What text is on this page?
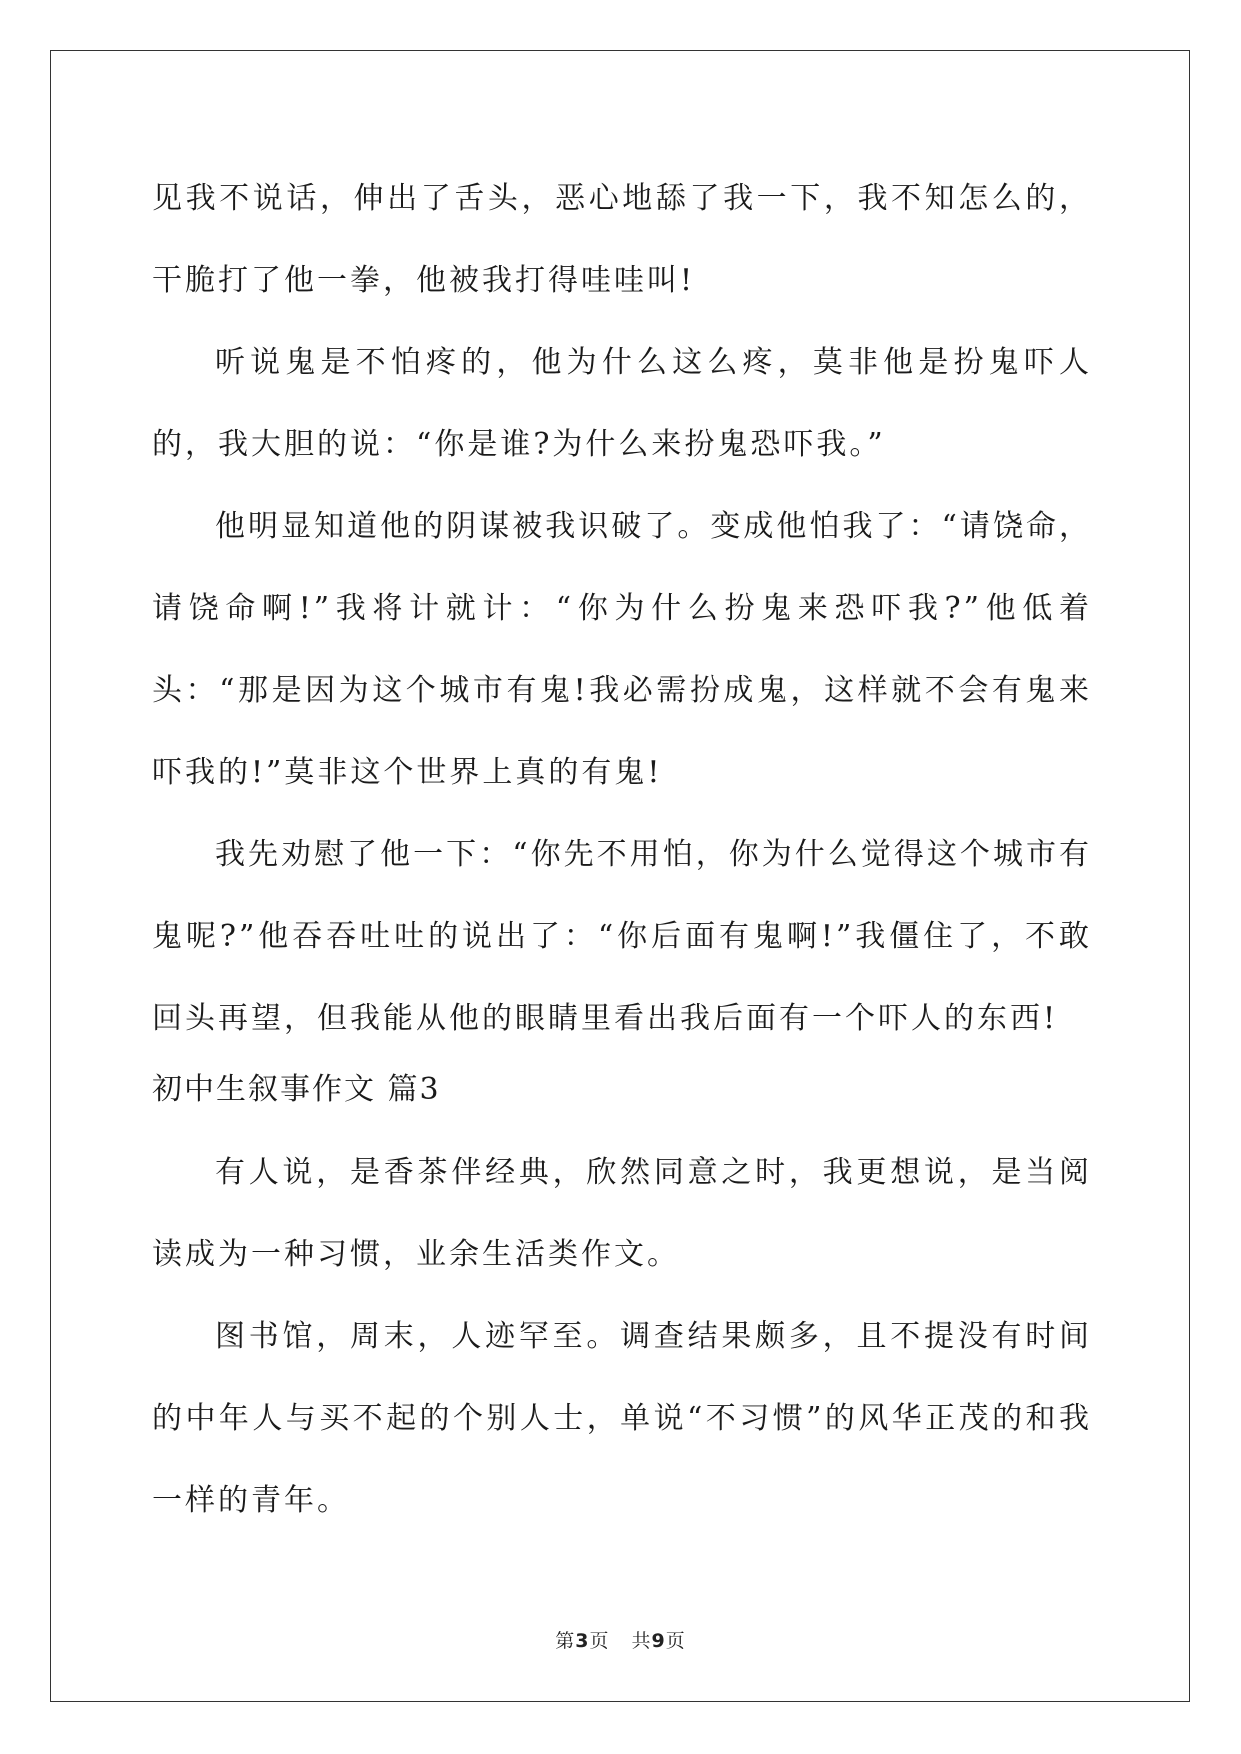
见我不说话，伸出了舌头，恶心地舔了我一下，我不知怎么的，干脆打了他一拳，他被我打得哇哇叫!

听说鬼是不怕疼的，他为什么这么疼，莫非他是扮鬼吓人的，我大胆的说：“你是谁?为什么来扮鬼恐吓我。”

他明显知道他的阴谋被我识破了。变成他怕我了：“请饶命，请饶命啊!”我将计就计：“你为什么扮鬼来恐吓我?”他低着头：“那是因为这个城市有鬼!我必需扮成鬼，这样就不会有鬼来吓我的!”莫非这个世界上真的有鬼!

我先劝慰了他一下：“你先不用怕，你为什么觉得这个城市有鬼呢?”他吞吞吐吐的说出了：“你后面有鬼啊!”我僵住了，不敢回头再望，但我能从他的眼睛里看出我后面有一个吓人的东西!

初中生叙事作文 篇3

有人说，是香茶伴经典，欣然同意之时，我更想说，是当阅读成为一种习惯，业余生活类作文。

图书馆，周末，人迹罕至。调查结果颇多，且不提没有时间的中年人与买不起的个别人士，单说“不习惯”的风华正茂的和我一样的青年。

第3页 共9页
